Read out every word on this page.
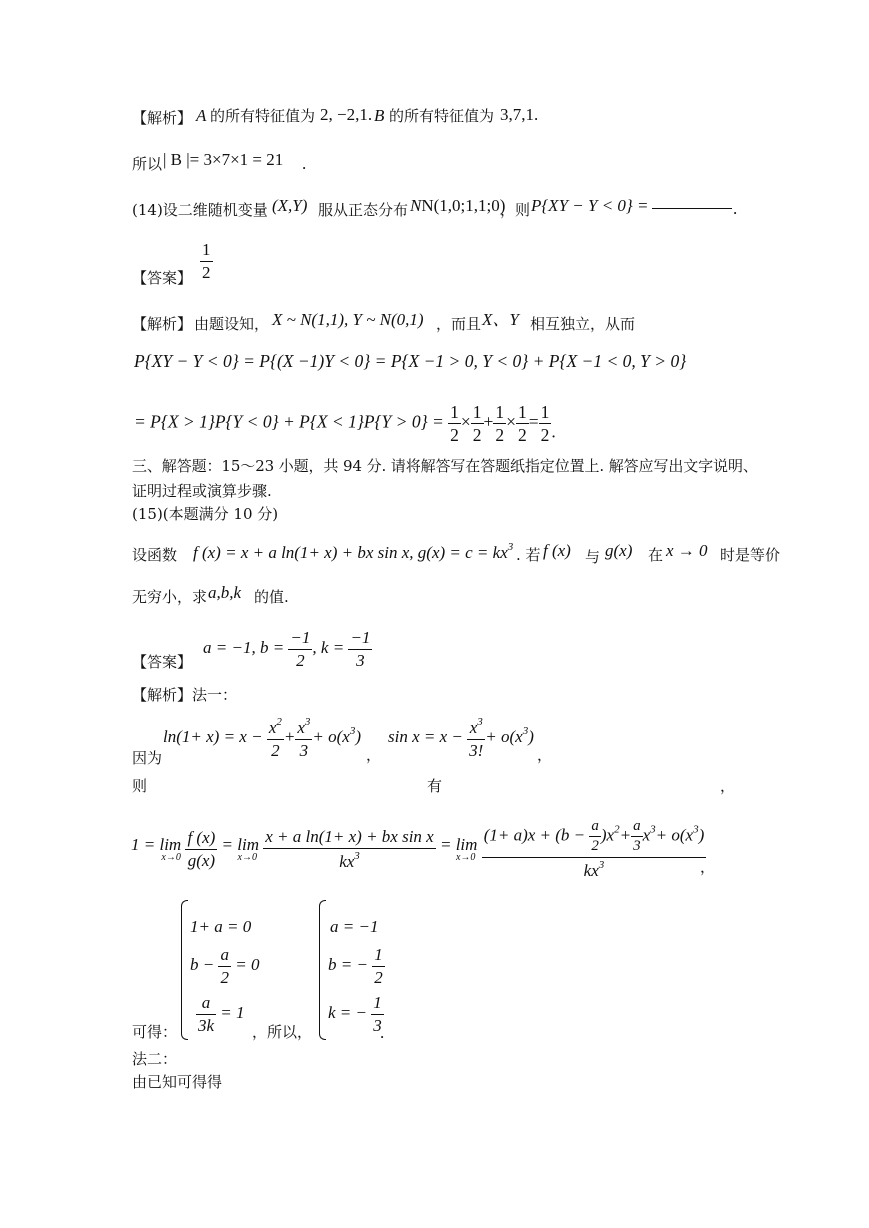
【解析】 A 的所有特征值为 2, −2,1. B 的所有特征值为 3,7,1.
所以 | B |= 3×7×1 = 21 .
(14)设二维随机变量 (X,Y) 服从正态分布 NN(1,0;1,1;0)
，则 P{XY − Y < 0} =	.
【答案】 $\frac{1}{2}$
【解析】 由题设知， X ~ N(1,1), Y ~ N(0,1) ，而且 X、Y 相互独立，从而
P{XY − Y < 0} = P{(X −1)Y < 0} = P{X −1 > 0, Y < 0} + P{X −1 < 0, Y > 0}
= $P\{X > 1\}P\{Y < 0\} + P\{X < 1\}P\{Y > 0\} = \frac{1}{2} \times \frac{1}{2} + \frac{1}{2} \times \frac{1}{2} = \frac{1}{2}$ .
三、解答题：15～23 小题，共 94 分. 请将解答写在答题纸指定位置上. 解答应写出文字说明、
证明过程或演算步骤.
(15)(本题满分 10 分)
设函数 f (x) = x + a ln(1+ x) + bx sin x, $g(x) = c = kx^3$ . 若 f (x) 与 g(x) 在 x → 0 时是等价
无穷小，求 a,b,k 的值.
【答案】
a = −1, $b = \frac{-1}{2}$ , $k = \frac{-1}{3}$
【解析】法一：
因为
$\ln(1+ x) = x - \frac{x^2}{2} + \frac{x^3}{3} + o(x^3)$
，
$\sin x = x - \frac{x^3}{3!} + o(x^3)$
，
则	有	，
1 = lim
x→0
$\frac{f (x)}{g(x)} = \lim$
x→0
$\frac{\text{x + a ln(1+ x) + bx sin x}}{kx^3} = \lim$
x→0
$\frac{(1+ a)x + (b - \frac{a}{2} )x^2+ \frac{a}{3} x^3+ o(x^3)}{kx^3}$
，
1+ a = 0
$b - \frac{a}{2} = 0$
$\frac{a}{3k} = 1$
可得：	，所以，
a = −1
b = − $\frac{1}{2}$
k = − $\frac{1}{3}$
.
法二：
由已知可得得
